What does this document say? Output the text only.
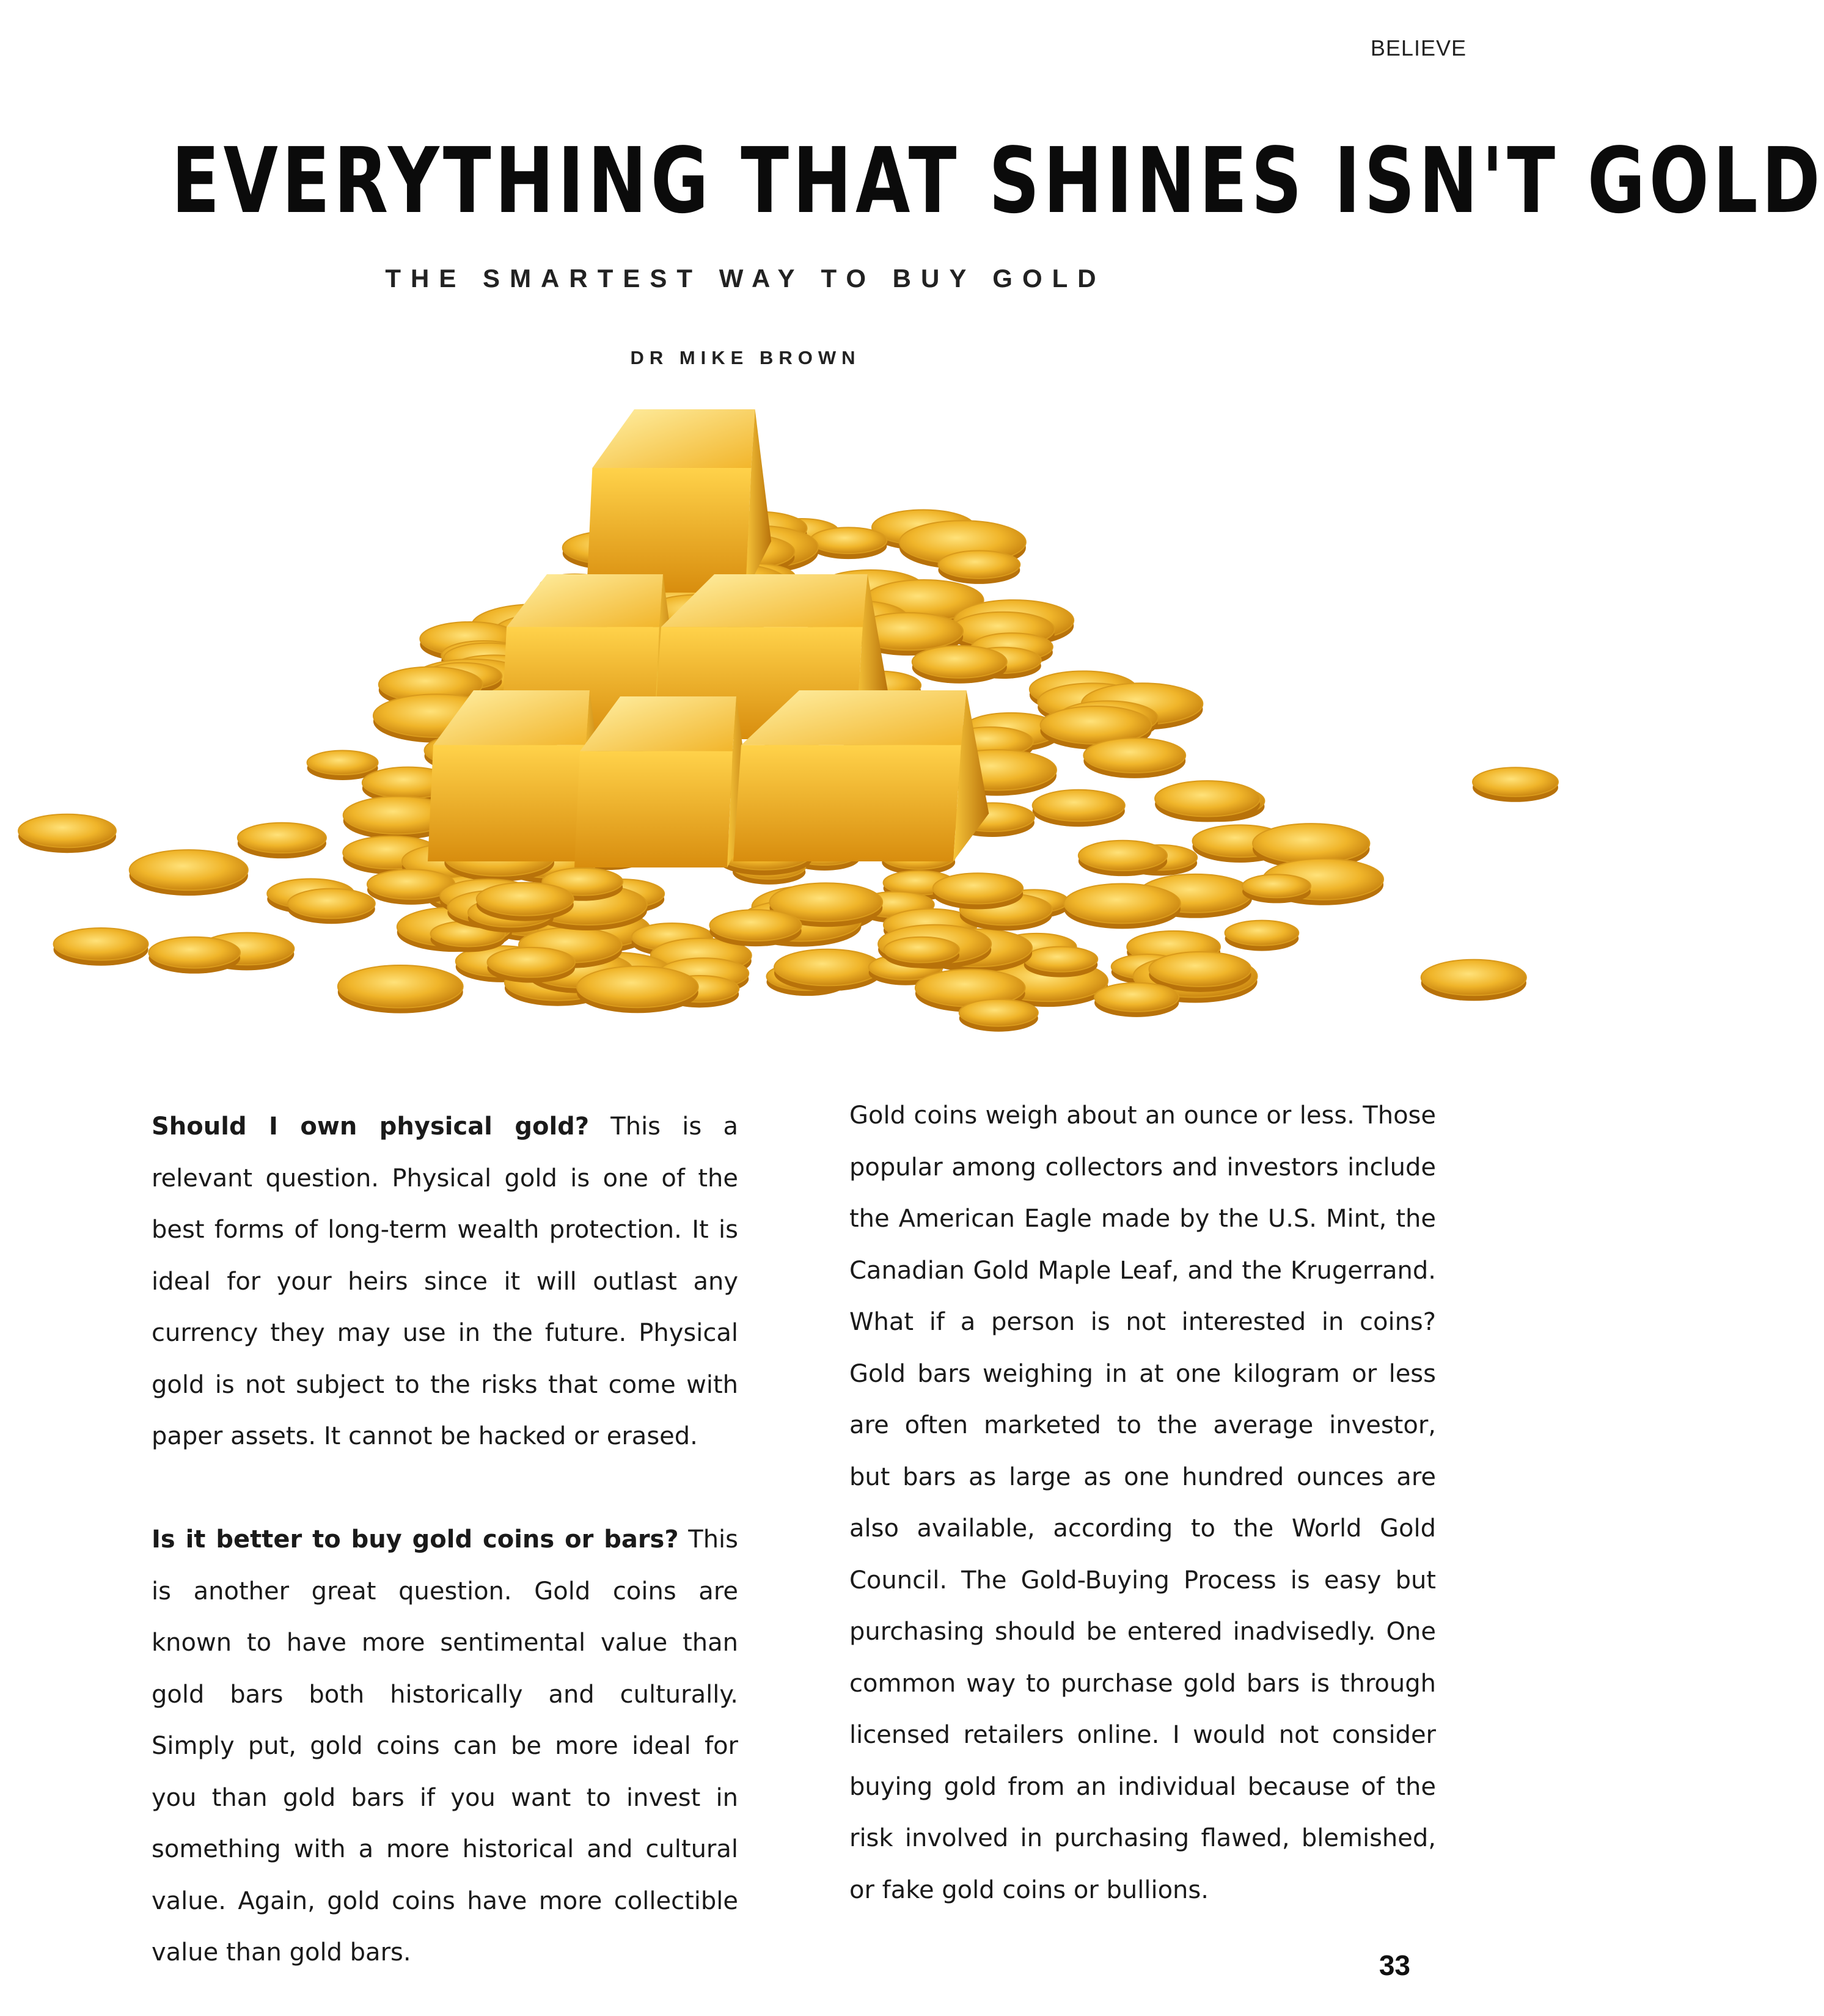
BELIEVE
EVERYTHING THAT SHINES ISN'T GOLD
THE SMARTEST WAY TO BUY GOLD
DR MIKE BROWN

Should I own physical gold? This is a relevant question. Physical gold is one of the best forms of long-term wealth protection. It is ideal for your heirs since it will outlast any currency they may use in the future. Physical gold is not subject to the risks that come with paper assets. It cannot be hacked or erased.

Is it better to buy gold coins or bars? This is another great question. Gold coins are known to have more sentimental value than gold bars both historically and culturally. Simply put, gold coins can be more ideal for you than gold bars if you want to invest in something with a more historical and cultural value. Again, gold coins have more collectible value than gold bars.

Gold coins weigh about an ounce or less. Those popular among collectors and investors include the American Eagle made by the U.S. Mint, the Canadian Gold Maple Leaf, and the Krugerrand. What if a person is not interested in coins? Gold bars weighing in at one kilogram or less are often marketed to the average investor, but bars as large as one hundred ounces are also available, according to the World Gold Council. The Gold-Buying Process is easy but purchasing should be entered inadvisedly. One common way to purchase gold bars is through licensed retailers online. I would not consider buying gold from an individual because of the risk involved in purchasing flawed, blemished, or fake gold coins or bullions.

33
